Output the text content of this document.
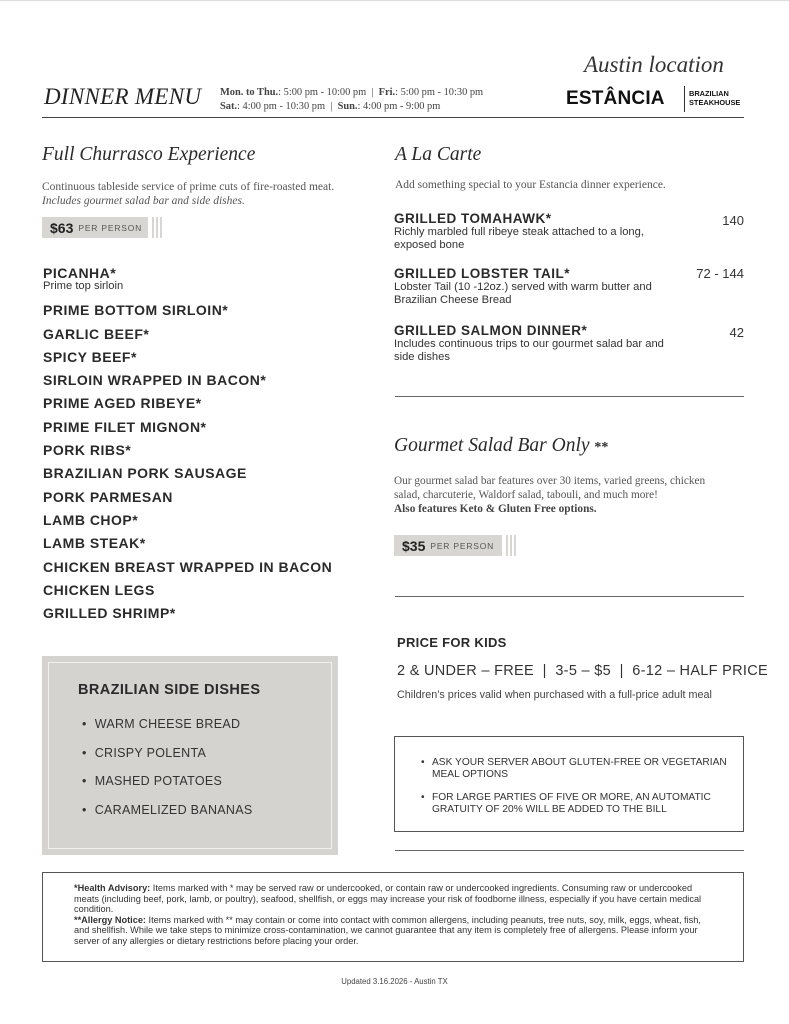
Austin location
DINNER MENU Mon. to Thu.: 5:00 pm - 10:00 pm  |  Fri.: 5:00 pm - 10:30 pm
Sat.: 4:00 pm - 10:30 pm  |  Sun.: 4:00 pm - 9:00 pm	ESTÂNCIA	BRAZILIAN
STEAKHOUSE
Full Churrasco Experience
Continuous tableside service of prime cuts of fire-roasted meat.
Includes gourmet salad bar and side dishes.
$63 PER PERSON
PICANHA*
Prime top sirloin
PRIME BOTTOM SIRLOIN*
GARLIC BEEF*
SPICY BEEF*
SIRLOIN WRAPPED IN BACON*
PRIME AGED RIBEYE*
PRIME FILET MIGNON*
PORK RIBS*
BRAZILIAN PORK SAUSAGE
PORK PARMESAN
LAMB CHOP*
LAMB STEAK*
CHICKEN BREAST WRAPPED IN BACON
CHICKEN LEGS
GRILLED SHRIMP*
BRAZILIAN SIDE DISHES
• WARM CHEESE BREAD
• CRISPY POLENTA
• MASHED POTATOES
• CARAMELIZED BANANAS
A La Carte
Add something special to your Estancia dinner experience.
GRILLED TOMAHAWK*
Richly marbled full ribeye steak attached to a long, exposed bone
140
GRILLED LOBSTER TAIL*
Lobster Tail (10 -12oz.) served with warm butter and Brazilian Cheese Bread
72 - 144
GRILLED SALMON DINNER*
Includes continuous trips to our gourmet salad bar and side dishes
42
Gourmet Salad Bar Only **
Our gourmet salad bar features over 30 items, varied greens, chicken salad, charcuterie, Waldorf salad, tabouli, and much more!
Also features Keto & Gluten Free options.
$35 PER PERSON
PRICE FOR KIDS
2 & UNDER – FREE  |  3-5 – $5  |  6-12 – HALF PRICE
Children’s prices valid when purchased with a full-price adult meal
• ASK YOUR SERVER ABOUT GLUTEN-FREE OR VEGETARIAN MEAL OPTIONS
• FOR LARGE PARTIES OF FIVE OR MORE, AN AUTOMATIC GRATUITY OF 20% WILL BE ADDED TO THE BILL
*Health Advisory: Items marked with * may be served raw or undercooked, or contain raw or undercooked ingredients. Consuming raw or undercooked meats (including beef, pork, lamb, or poultry), seafood, shellfish, or eggs may increase your risk of foodborne illness, especially if you have certain medical condition.
**Allergy Notice: Items marked with ** may contain or come into contact with common allergens, including peanuts, tree nuts, soy, milk, eggs, wheat, fish, and shellfish. While we take steps to minimize cross-contamination, we cannot guarantee that any item is completely free of allergens. Please inform your server of any allergies or dietary restrictions before placing your order.
Updated 3.16.2026 - Austin TX
